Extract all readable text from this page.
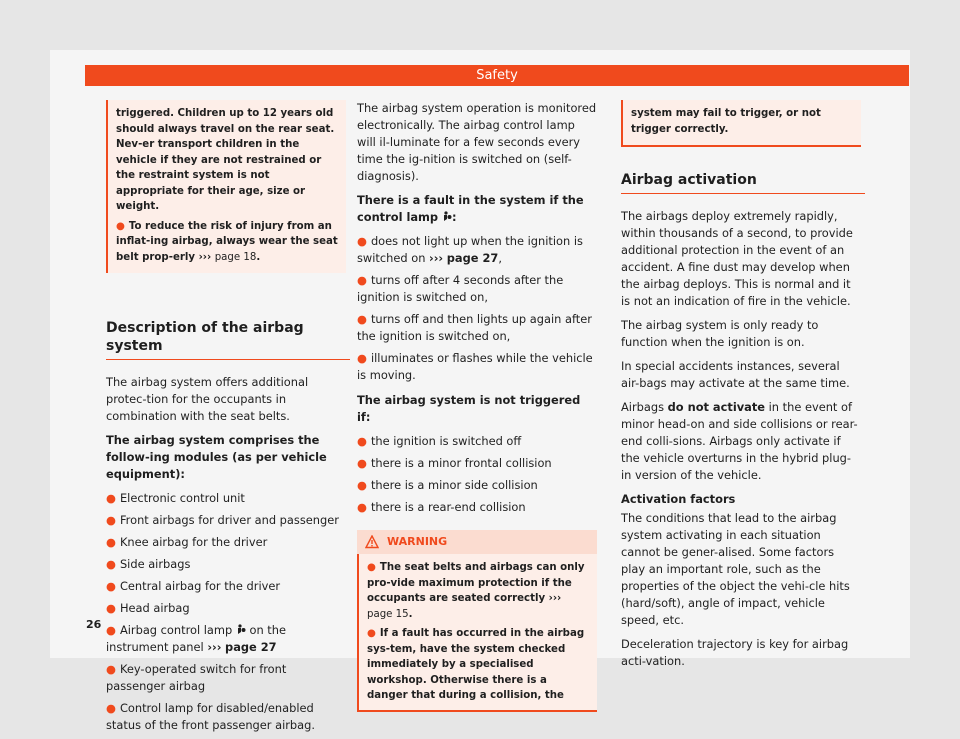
Safety
triggered. Children up to 12 years old should always travel on the rear seat. Nev-er transport children in the vehicle if they are not restrained or the restraint system is not appropriate for their age, size or weight.
● To reduce the risk of injury from an inflat-ing airbag, always wear the seat belt prop-erly ››› page 18.
Description of the airbag system

The airbag system offers additional protec-tion for the occupants in combination with the seat belts.

The airbag system comprises the follow-ing modules (as per vehicle equipment):

● Electronic control unit
● Front airbags for driver and passenger
● Knee airbag for the driver
● Side airbags
● Central airbag for the driver
● Head airbag
● Airbag control lamp on the instrument panel ››› page 27
● Key-operated switch for front passenger airbag
● Control lamp for disabled/enabled status of the front passenger airbag.

The airbag system operation is monitored electronically. The airbag control lamp will il-luminate for a few seconds every time the ig-nition is switched on (self-diagnosis).

There is a fault in the system if the control lamp :

● does not light up when the ignition is switched on ››› page 27,
● turns off after 4 seconds after the ignition is switched on,
● turns off and then lights up again after the ignition is switched on,
● illuminates or flashes while the vehicle is moving.

The airbag system is not triggered if:

● the ignition is switched off
● there is a minor frontal collision
● there is a minor side collision
● there is a rear-end collision
WARNING
● The seat belts and airbags can only pro-vide maximum protection if the occupants are seated correctly ››› page 15.
● If a fault has occurred in the airbag sys-tem, have the system checked immediately by a specialised workshop. Otherwise there is a danger that during a collision, the
system may fail to trigger, or not trigger correctly.
Airbag activation

The airbags deploy extremely rapidly, within thousands of a second, to provide additional protection in the event of an accident. A fine dust may develop when the airbag deploys. This is normal and it is not an indication of fire in the vehicle.

The airbag system is only ready to function when the ignition is on.

In special accidents instances, several air-bags may activate at the same time.

Airbags do not activate in the event of minor head-on and side collisions or rear-end colli-sions. Airbags only activate if the vehicle overturns in the hybrid plug-in version of the vehicle.

Activation factors

The conditions that lead to the airbag system activating in each situation cannot be gener-alised. Some factors play an important role, such as the properties of the object the vehi-cle hits (hard/soft), angle of impact, vehicle speed, etc.

Deceleration trajectory is key for airbag acti-vation.

26
